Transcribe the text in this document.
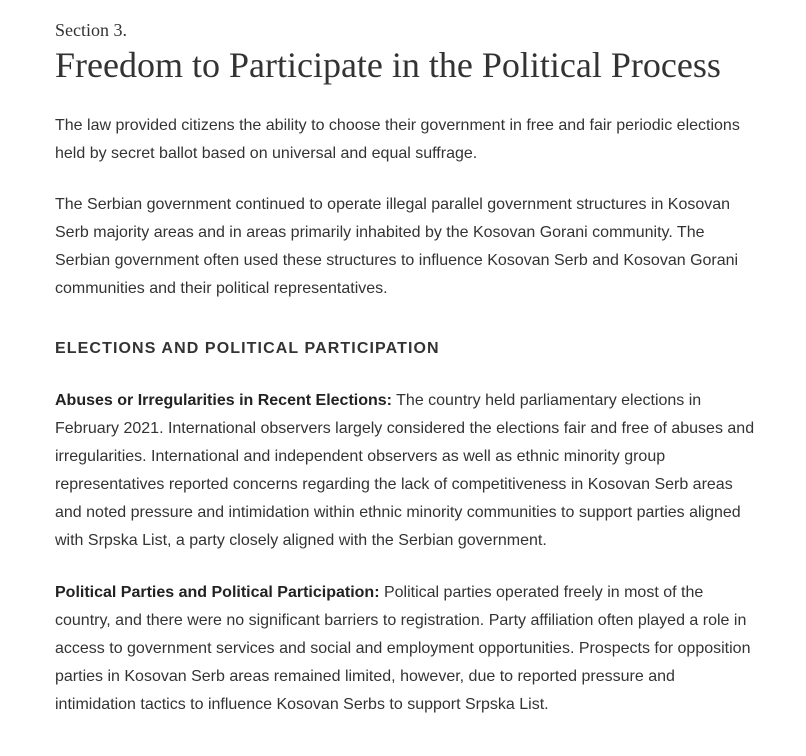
Section 3.
Freedom to Participate in the Political Process

The law provided citizens the ability to choose their government in free and fair periodic elections held by secret ballot based on universal and equal suffrage.

The Serbian government continued to operate illegal parallel government structures in Kosovan Serb majority areas and in areas primarily inhabited by the Kosovan Gorani community. The Serbian government often used these structures to influence Kosovan Serb and Kosovan Gorani communities and their political representatives.

ELECTIONS AND POLITICAL PARTICIPATION

Abuses or Irregularities in Recent Elections: The country held parliamentary elections in February 2021. International observers largely considered the elections fair and free of abuses and irregularities. International and independent observers as well as ethnic minority group representatives reported concerns regarding the lack of competitiveness in Kosovan Serb areas and noted pressure and intimidation within ethnic minority communities to support parties aligned with Srpska List, a party closely aligned with the Serbian government.

Political Parties and Political Participation: Political parties operated freely in most of the country, and there were no significant barriers to registration. Party affiliation often played a role in access to government services and social and employment opportunities. Prospects for opposition parties in Kosovan Serb areas remained limited, however, due to reported pressure and intimidation tactics to influence Kosovan Serbs to support Srpska List.
